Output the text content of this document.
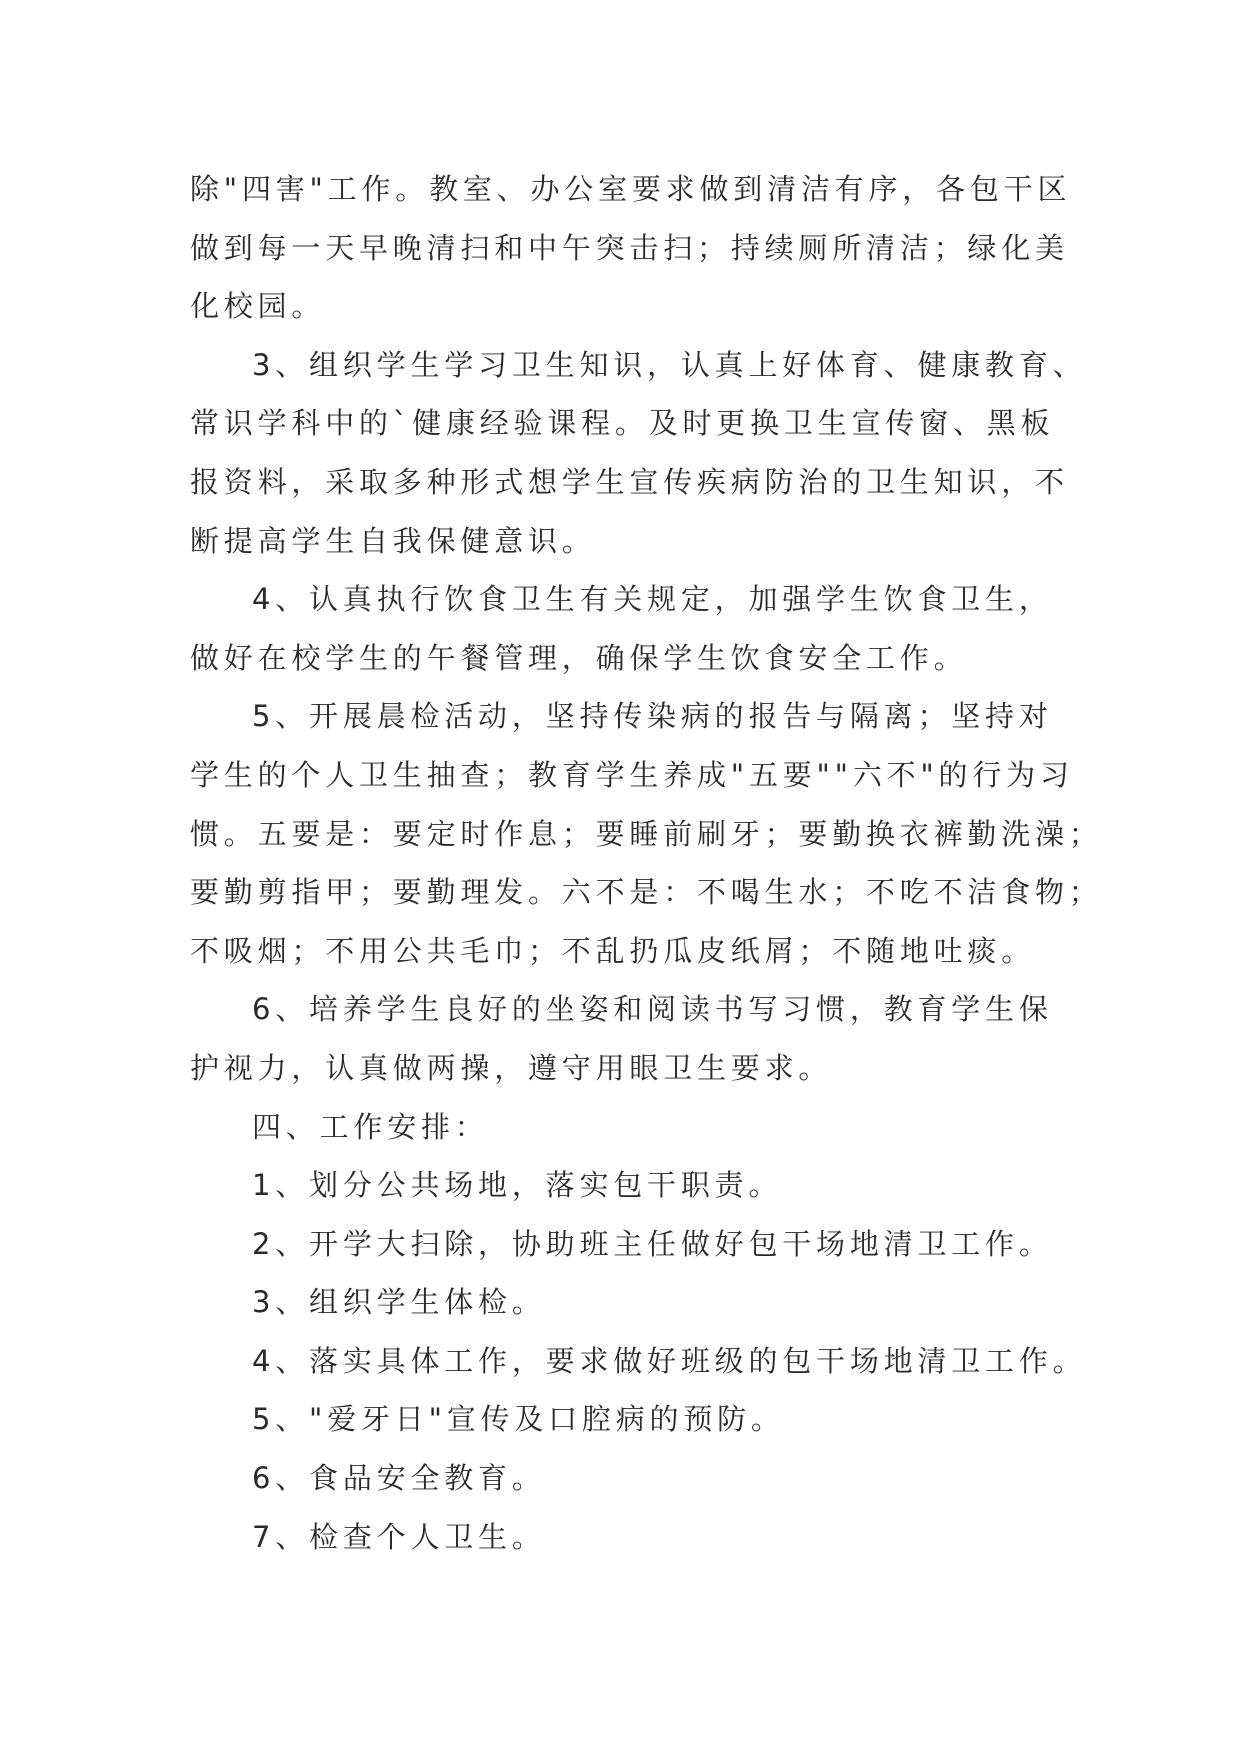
除"四害"工作。教室、办公室要求做到清洁有序，各包干区
做到每一天早晚清扫和中午突击扫；持续厕所清洁；绿化美
化校园。
3、组织学生学习卫生知识，认真上好体育、健康教育、
常识学科中的`健康经验课程。及时更换卫生宣传窗、黑板
报资料，采取多种形式想学生宣传疾病防治的卫生知识，不
断提高学生自我保健意识。
4、认真执行饮食卫生有关规定，加强学生饮食卫生，
做好在校学生的午餐管理，确保学生饮食安全工作。
5、开展晨检活动，坚持传染病的报告与隔离；坚持对
学生的个人卫生抽查；教育学生养成"五要""六不"的行为习
惯。五要是：要定时作息；要睡前刷牙；要勤换衣裤勤洗澡；
要勤剪指甲；要勤理发。六不是：不喝生水；不吃不洁食物；
不吸烟；不用公共毛巾；不乱扔瓜皮纸屑；不随地吐痰。
6、培养学生良好的坐姿和阅读书写习惯，教育学生保
护视力，认真做两操，遵守用眼卫生要求。
四、工作安排：
1、划分公共场地，落实包干职责。
2、开学大扫除，协助班主任做好包干场地清卫工作。
3、组织学生体检。
4、落实具体工作，要求做好班级的包干场地清卫工作。
5、"爱牙日"宣传及口腔病的预防。
6、食品安全教育。
7、检查个人卫生。
